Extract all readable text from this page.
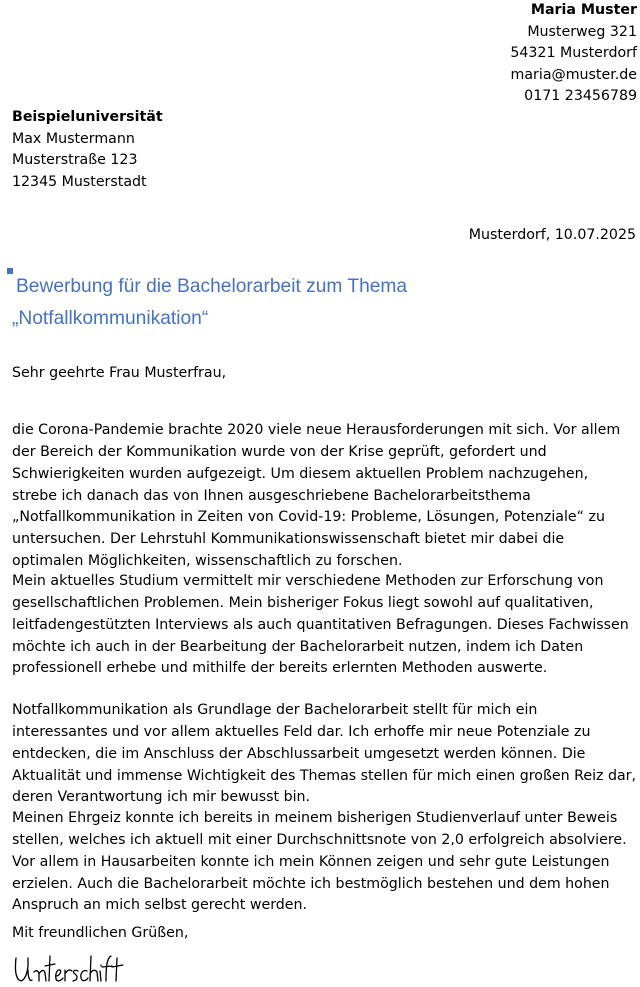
Maria Muster
Musterweg 321
54321 Musterdorf
maria@muster.de
0171 23456789
Beispieluniversität
Max Mustermann
Musterstraße 123
12345 Musterstadt
Musterdorf, 10.07.2025
Bewerbung für die Bachelorarbeit zum Thema
„Notfallkommunikation“
Sehr geehrte Frau Musterfrau,

die Corona-Pandemie brachte 2020 viele neue Herausforderungen mit sich. Vor allem der Bereich der Kommunikation wurde von der Krise geprüft, gefordert und Schwierigkeiten wurden aufgezeigt. Um diesem aktuellen Problem nachzugehen, strebe ich danach das von Ihnen ausgeschriebene Bachelorarbeitsthema „Notfallkommunikation in Zeiten von Covid-19: Probleme, Lösungen, Potenziale“ zu untersuchen. Der Lehrstuhl Kommunikationswissenschaft bietet mir dabei die optimalen Möglichkeiten, wissenschaftlich zu forschen.

Mein aktuelles Studium vermittelt mir verschiedene Methoden zur Erforschung von gesellschaftlichen Problemen. Mein bisheriger Fokus liegt sowohl auf qualitativen, leitfadengestützten Interviews als auch quantitativen Befragungen. Dieses Fachwissen möchte ich auch in der Bearbeitung der Bachelorarbeit nutzen, indem ich Daten professionell erhebe und mithilfe der bereits erlernten Methoden auswerte.

Notfallkommunikation als Grundlage der Bachelorarbeit stellt für mich ein interessantes und vor allem aktuelles Feld dar. Ich erhoffe mir neue Potenziale zu entdecken, die im Anschluss der Abschlussarbeit umgesetzt werden können. Die Aktualität und immense Wichtigkeit des Themas stellen für mich einen großen Reiz dar, deren Verantwortung ich mir bewusst bin.

Meinen Ehrgeiz konnte ich bereits in meinem bisherigen Studienverlauf unter Beweis stellen, welches ich aktuell mit einer Durchschnittsnote von 2,0 erfolgreich absolviere. Vor allem in Hausarbeiten konnte ich mein Können zeigen und sehr gute Leistungen erzielen. Auch die Bachelorarbeit möchte ich bestmöglich bestehen und dem hohen Anspruch an mich selbst gerecht werden.

Mit freundlichen Grüßen,
